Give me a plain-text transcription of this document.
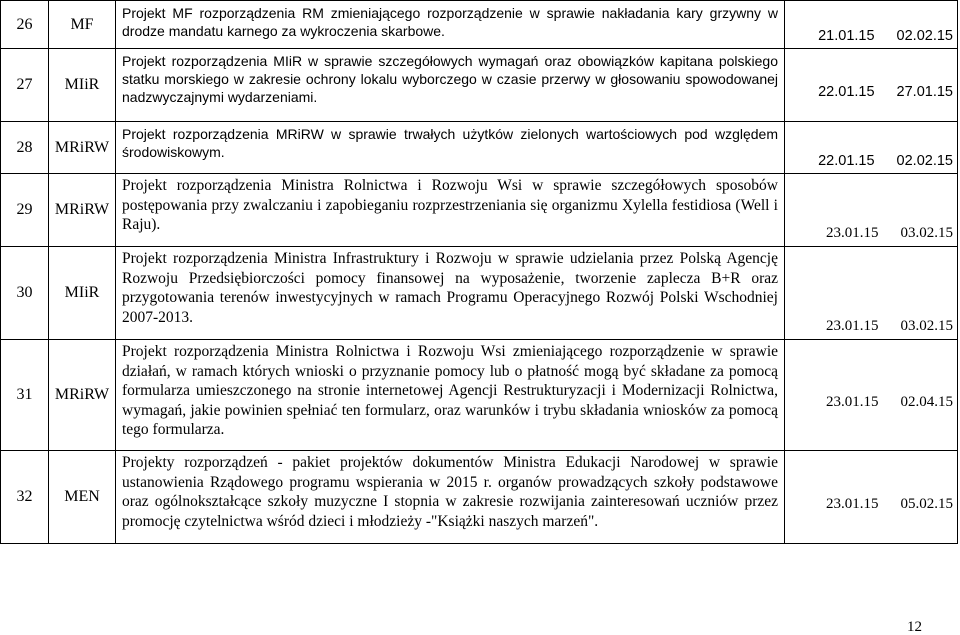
26	MF	Projekt MF rozporządzenia RM zmieniającego rozporządzenie w sprawie nakładania kary grzywny w drodze mandatu karnego za wykroczenia skarbowe.	21.01.15 02.02.15
27	MIiR	Projekt rozporządzenia MIiR w sprawie szczegółowych wymagań oraz obowiązków kapitana polskiego statku morskiego w zakresie ochrony lokalu wyborczego w czasie przerwy w głosowaniu spowodowanej nadzwyczajnymi wydarzeniami.	22.01.15 27.01.15
28	MRiRW	Projekt rozporządzenia MRiRW w sprawie trwałych użytków zielonych wartościowych pod względem środowiskowym.	22.01.15 02.02.15
29	MRiRW	Projekt rozporządzenia Ministra Rolnictwa i Rozwoju Wsi w sprawie szczegółowych sposobów postępowania przy zwalczaniu i zapobieganiu rozprzestrzeniania się organizmu Xylella festidiosa (Well i Raju).	23.01.15 03.02.15
30	MIiR	Projekt rozporządzenia Ministra Infrastruktury i Rozwoju w sprawie udzielania przez Polską Agencję Rozwoju Przedsiębiorczości pomocy finansowej na wyposażenie, tworzenie zaplecza B+R oraz przygotowania terenów inwestycyjnych w ramach Programu Operacyjnego Rozwój Polski Wschodniej 2007-2013.	23.01.15 03.02.15
31	MRiRW	Projekt rozporządzenia Ministra Rolnictwa i Rozwoju Wsi zmieniającego rozporządzenie w sprawie działań, w ramach których wnioski o przyznanie pomocy lub o płatność mogą być składane za pomocą formularza umieszczonego na stronie internetowej Agencji Restrukturyzacji i Modernizacji Rolnictwa, wymagań, jakie powinien spełniać ten formularz, oraz warunków i trybu składania wniosków za pomocą tego formularza.	23.01.15 02.04.15
32	MEN	Projekty rozporządzeń - pakiet projektów dokumentów Ministra Edukacji Narodowej w sprawie ustanowienia Rządowego programu wspierania w 2015 r. organów prowadzących szkoły podstawowe oraz ogólnokształcące szkoły muzyczne I stopnia w zakresie rozwijania zainteresowań uczniów przez promocję czytelnictwa wśród dzieci i młodzieży -"Książki naszych marzeń".	23.01.15 05.02.15
12
